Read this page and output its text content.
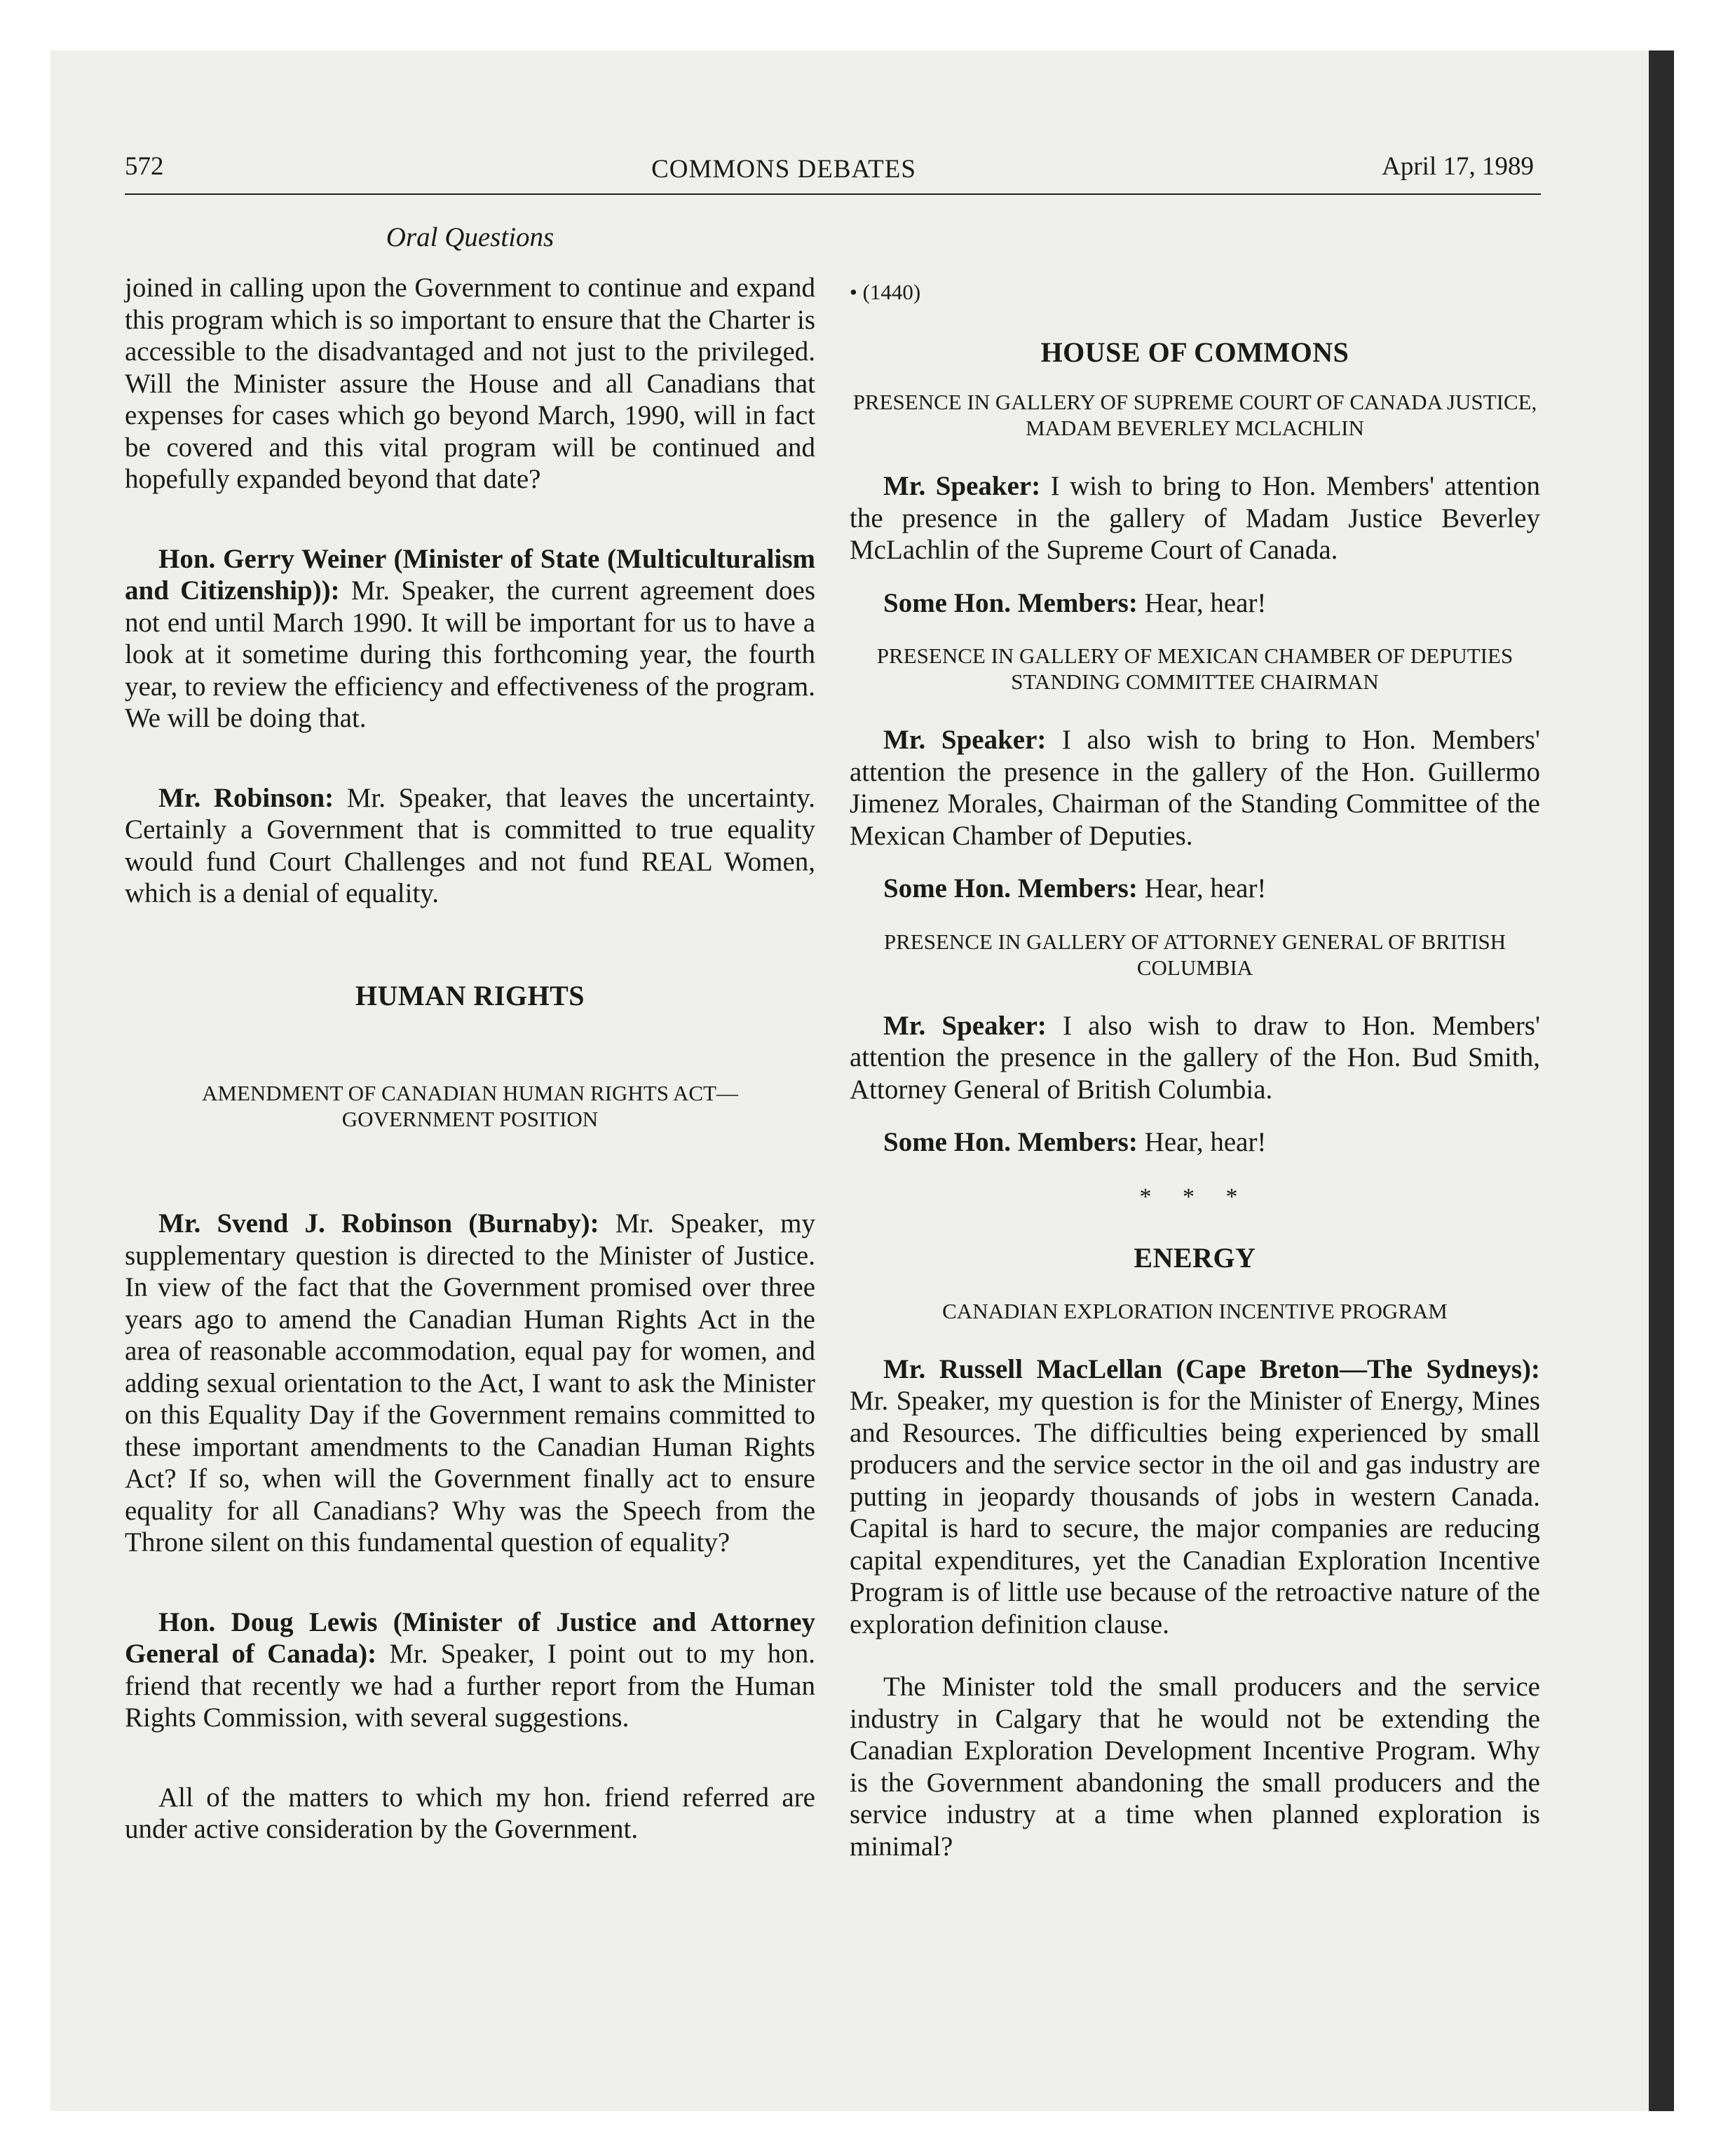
572	COMMONS DEBATES	April 17, 1989
Oral Questions

joined in calling upon the Government to continue and expand this program which is so important to ensure that the Charter is accessible to the disadvantaged and not just to the privileged. Will the Minister assure the House and all Canadians that expenses for cases which go beyond March, 1990, will in fact be covered and this vital program will be continued and hopefully expanded beyond that date?

Hon. Gerry Weiner (Minister of State (Multiculturalism and Citizenship)): Mr. Speaker, the current agreement does not end until March 1990. It will be important for us to have a look at it sometime during this forthcoming year, the fourth year, to review the efficiency and effectiveness of the program. We will be doing that.

Mr. Robinson: Mr. Speaker, that leaves the uncertainty. Certainly a Government that is committed to true equality would fund Court Challenges and not fund REAL Women, which is a denial of equality.

HUMAN RIGHTS
AMENDMENT OF CANADIAN HUMAN RIGHTS ACT—GOVERNMENT POSITION

Mr. Svend J. Robinson (Burnaby): Mr. Speaker, my supplementary question is directed to the Minister of Justice. In view of the fact that the Government promised over three years ago to amend the Canadian Human Rights Act in the area of reasonable accommodation, equal pay for women, and adding sexual orientation to the Act, I want to ask the Minister on this Equality Day if the Government remains committed to these important amendments to the Canadian Human Rights Act? If so, when will the Government finally act to ensure equality for all Canadians? Why was the Speech from the Throne silent on this fundamental question of equality?

Hon. Doug Lewis (Minister of Justice and Attorney General of Canada): Mr. Speaker, I point out to my hon. friend that recently we had a further report from the Human Rights Commission, with several suggestions.

All of the matters to which my hon. friend referred are under active consideration by the Government.

• (1440)
HOUSE OF COMMONS
PRESENCE IN GALLERY OF SUPREME COURT OF CANADA JUSTICE, MADAM BEVERLEY MCLACHLIN

Mr. Speaker: I wish to bring to Hon. Members' attention the presence in the gallery of Madam Justice Beverley McLachlin of the Supreme Court of Canada.

Some Hon. Members: Hear, hear!

PRESENCE IN GALLERY OF MEXICAN CHAMBER OF DEPUTIES STANDING COMMITTEE CHAIRMAN

Mr. Speaker: I also wish to bring to Hon. Members' attention the presence in the gallery of the Hon. Guillermo Jimenez Morales, Chairman of the Standing Committee of the Mexican Chamber of Deputies.

Some Hon. Members: Hear, hear!

PRESENCE IN GALLERY OF ATTORNEY GENERAL OF BRITISH COLUMBIA

Mr. Speaker: I also wish to draw to Hon. Members' attention the presence in the gallery of the Hon. Bud Smith, Attorney General of British Columbia.

Some Hon. Members: Hear, hear!

* * *
ENERGY
CANADIAN EXPLORATION INCENTIVE PROGRAM

Mr. Russell MacLellan (Cape Breton—The Sydneys): Mr. Speaker, my question is for the Minister of Energy, Mines and Resources. The difficulties being experienced by small producers and the service sector in the oil and gas industry are putting in jeopardy thousands of jobs in western Canada. Capital is hard to secure, the major companies are reducing capital expenditures, yet the Canadian Exploration Incentive Program is of little use because of the retroactive nature of the exploration definition clause.

The Minister told the small producers and the service industry in Calgary that he would not be extending the Canadian Exploration Development Incentive Program. Why is the Government abandoning the small producers and the service industry at a time when planned exploration is minimal?
